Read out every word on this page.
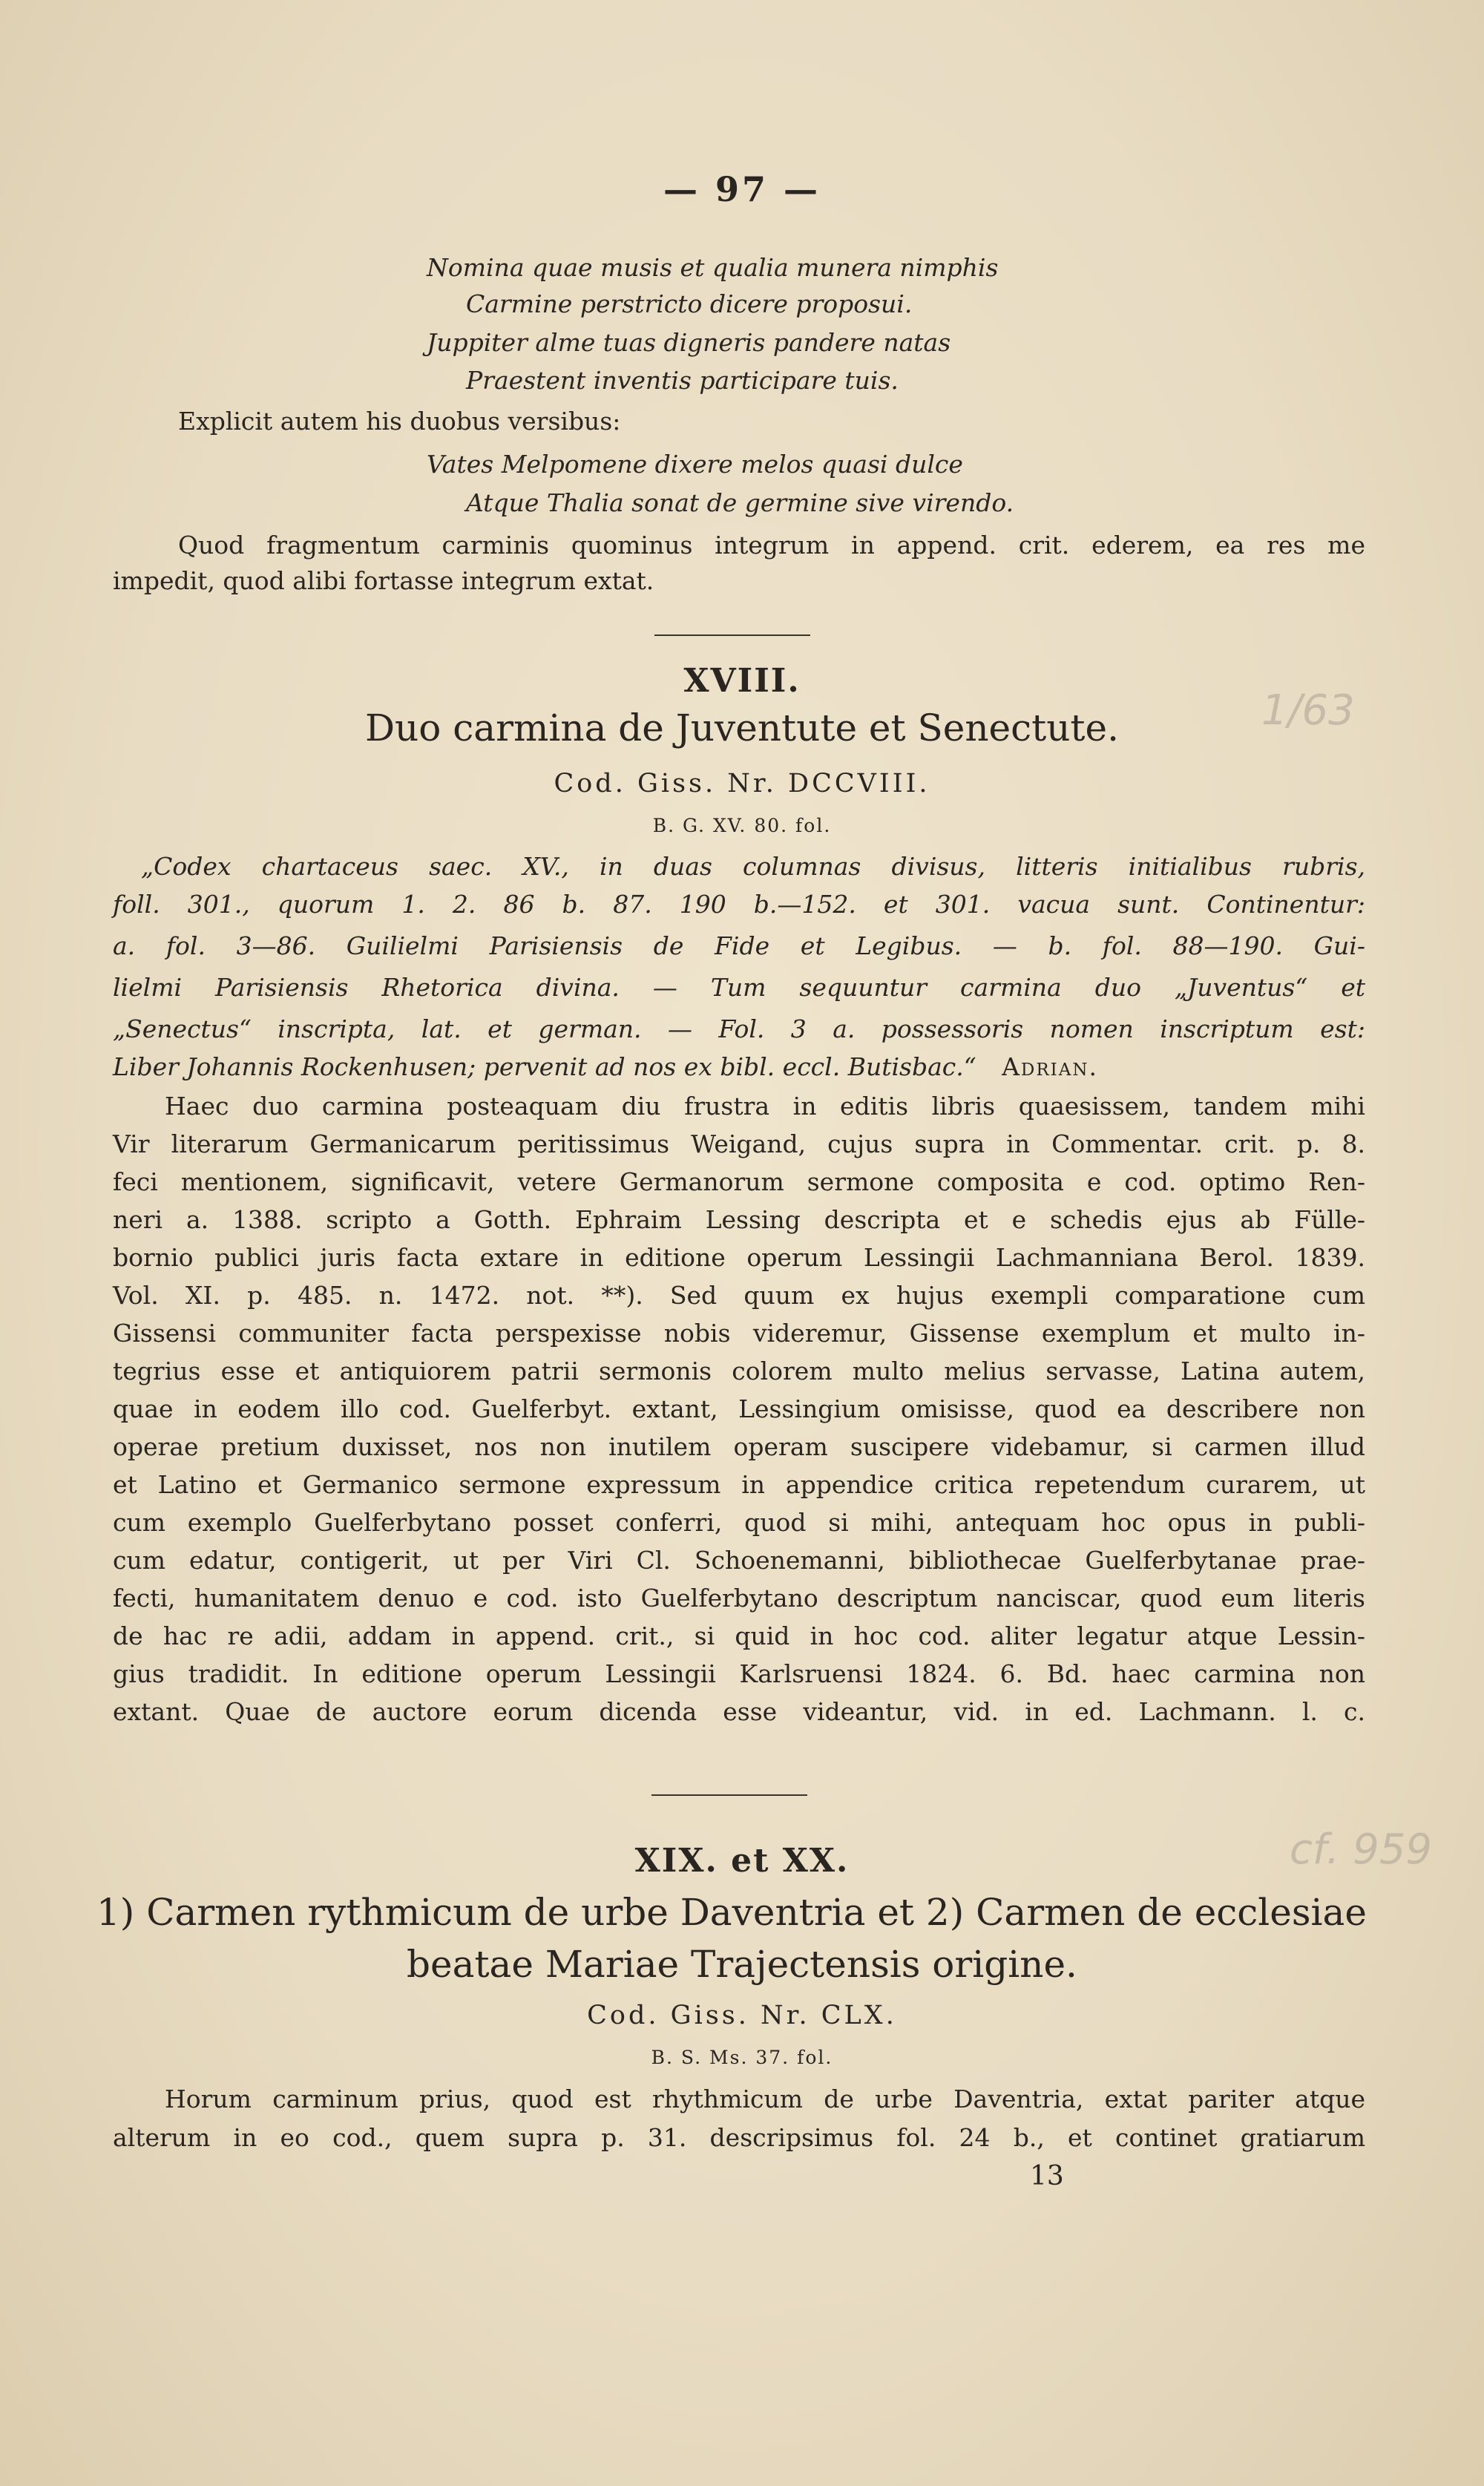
— 97 —
Nomina quae musis et qualia munera nimphis
Carmine perstricto dicere proposui.
Juppiter alme tuas digneris pandere natas
Praestent inventis participare tuis.
Explicit autem his duobus versibus:
Vates Melpomene dixere melos quasi dulce
Atque Thalia sonat de germine sive virendo.
Quod fragmentum carminis quominus integrum in append. crit. ederem, ea res me
impedit, quod alibi fortasse integrum extat.
XVIII.
Duo carmina de Juventute et Senectute.
Cod. Giss. Nr. DCCVIII.
B. G. XV. 80. fol.
„Codex chartaceus saec. XV., in duas columnas divisus, litteris initialibus rubris,
foll. 301., quorum 1. 2. 86 b. 87. 190 b.—152. et 301. vacua sunt. Continentur:
a. fol. 3—86. Guilielmi Parisiensis de Fide et Legibus. — b. fol. 88—190. Gui-
lielmi Parisiensis Rhetorica divina. — Tum sequuntur carmina duo „Juventus“ et
„Senectus“ inscripta, lat. et german. — Fol. 3 a. possessoris nomen inscriptum est:
Liber Johannis Rockenhusen; pervenit ad nos ex bibl. eccl. Butisbac.“ Adrian.
Haec duo carmina posteaquam diu frustra in editis libris quaesissem, tandem mihi
Vir literarum Germanicarum peritissimus Weigand, cujus supra in Commentar. crit. p. 8.
feci mentionem, significavit, vetere Germanorum sermone composita e cod. optimo Ren-
neri a. 1388. scripto a Gotth. Ephraim Lessing descripta et e schedis ejus ab Fülle-
bornio publici juris facta extare in editione operum Lessingii Lachmanniana Berol. 1839.
Vol. XI. p. 485. n. 1472. not. **). Sed quum ex hujus exempli comparatione cum
Gissensi communiter facta perspexisse nobis videremur, Gissense exemplum et multo in-
tegrius esse et antiquiorem patrii sermonis colorem multo melius servasse, Latina autem,
quae in eodem illo cod. Guelferbyt. extant, Lessingium omisisse, quod ea describere non
operae pretium duxisset, nos non inutilem operam suscipere videbamur, si carmen illud
et Latino et Germanico sermone expressum in appendice critica repetendum curarem, ut
cum exemplo Guelferbytano posset conferri, quod si mihi, antequam hoc opus in publi-
cum edatur, contigerit, ut per Viri Cl. Schoenemanni, bibliothecae Guelferbytanae prae-
fecti, humanitatem denuo e cod. isto Guelferbytano descriptum nanciscar, quod eum literis
de hac re adii, addam in append. crit., si quid in hoc cod. aliter legatur atque Lessin-
gius tradidit. In editione operum Lessingii Karlsruensi 1824. 6. Bd. haec carmina non
extant. Quae de auctore eorum dicenda esse videantur, vid. in ed. Lachmann. l. c.
XIX. et XX.
1) Carmen rythmicum de urbe Daventria et 2) Carmen de ecclesiae
beatae Mariae Trajectensis origine.
Cod. Giss. Nr. CLX.
B. S. Ms. 37. fol.
Horum carminum prius, quod est rhythmicum de urbe Daventria, extat pariter atque
alterum in eo cod., quem supra p. 31. descripsimus fol. 24 b., et continet gratiarum
13
1/63
cf. 959
